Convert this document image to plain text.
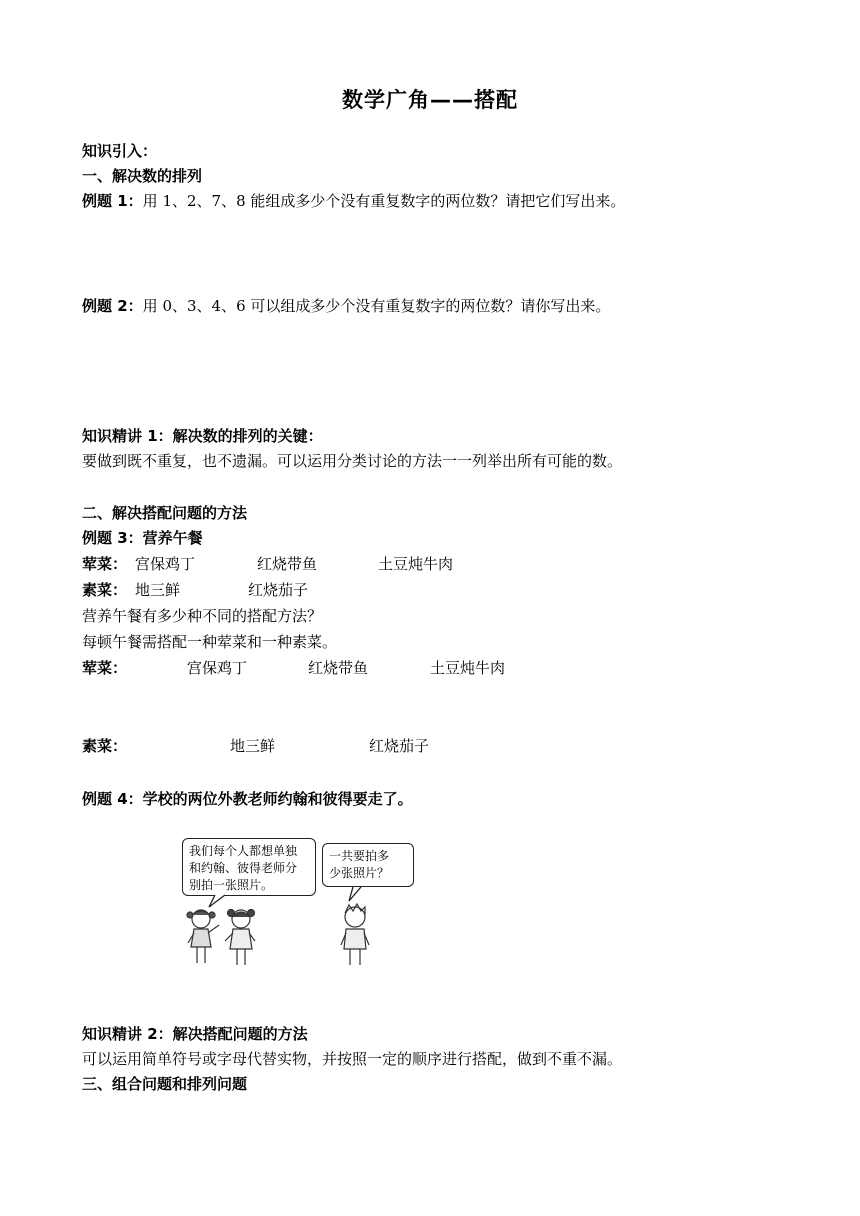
数学广角——搭配
知识引入：
一、解决数的排列
例题 1：用 1、2、7、8 能组成多少个没有重复数字的两位数？请把它们写出来。
例题 2：用 0、3、4、6 可以组成多少个没有重复数字的两位数？请你写出来。
知识精讲 1：解决数的排列的关键：
要做到既不重复，也不遗漏。可以运用分类讨论的方法一一列举出所有可能的数。
二、解决搭配问题的方法
例题 3：营养午餐
荤菜： 宫保鸡丁	红烧带鱼	土豆炖牛肉
素菜： 地三鲜	红烧茄子
营养午餐有多少种不同的搭配方法？
每顿午餐需搭配一种荤菜和一种素菜。
荤菜：	宫保鸡丁	红烧带鱼	土豆炖牛肉
素菜：	地三鲜	红烧茄子
例题 4：学校的两位外教老师约翰和彼得要走了。
我们每个人都想单独
和约翰、彼得老师分
别拍一张照片。
一共要拍多
少张照片？
知识精讲 2：解决搭配问题的方法
可以运用简单符号或字母代替实物，并按照一定的顺序进行搭配，做到不重不漏。
三、组合问题和排列问题
